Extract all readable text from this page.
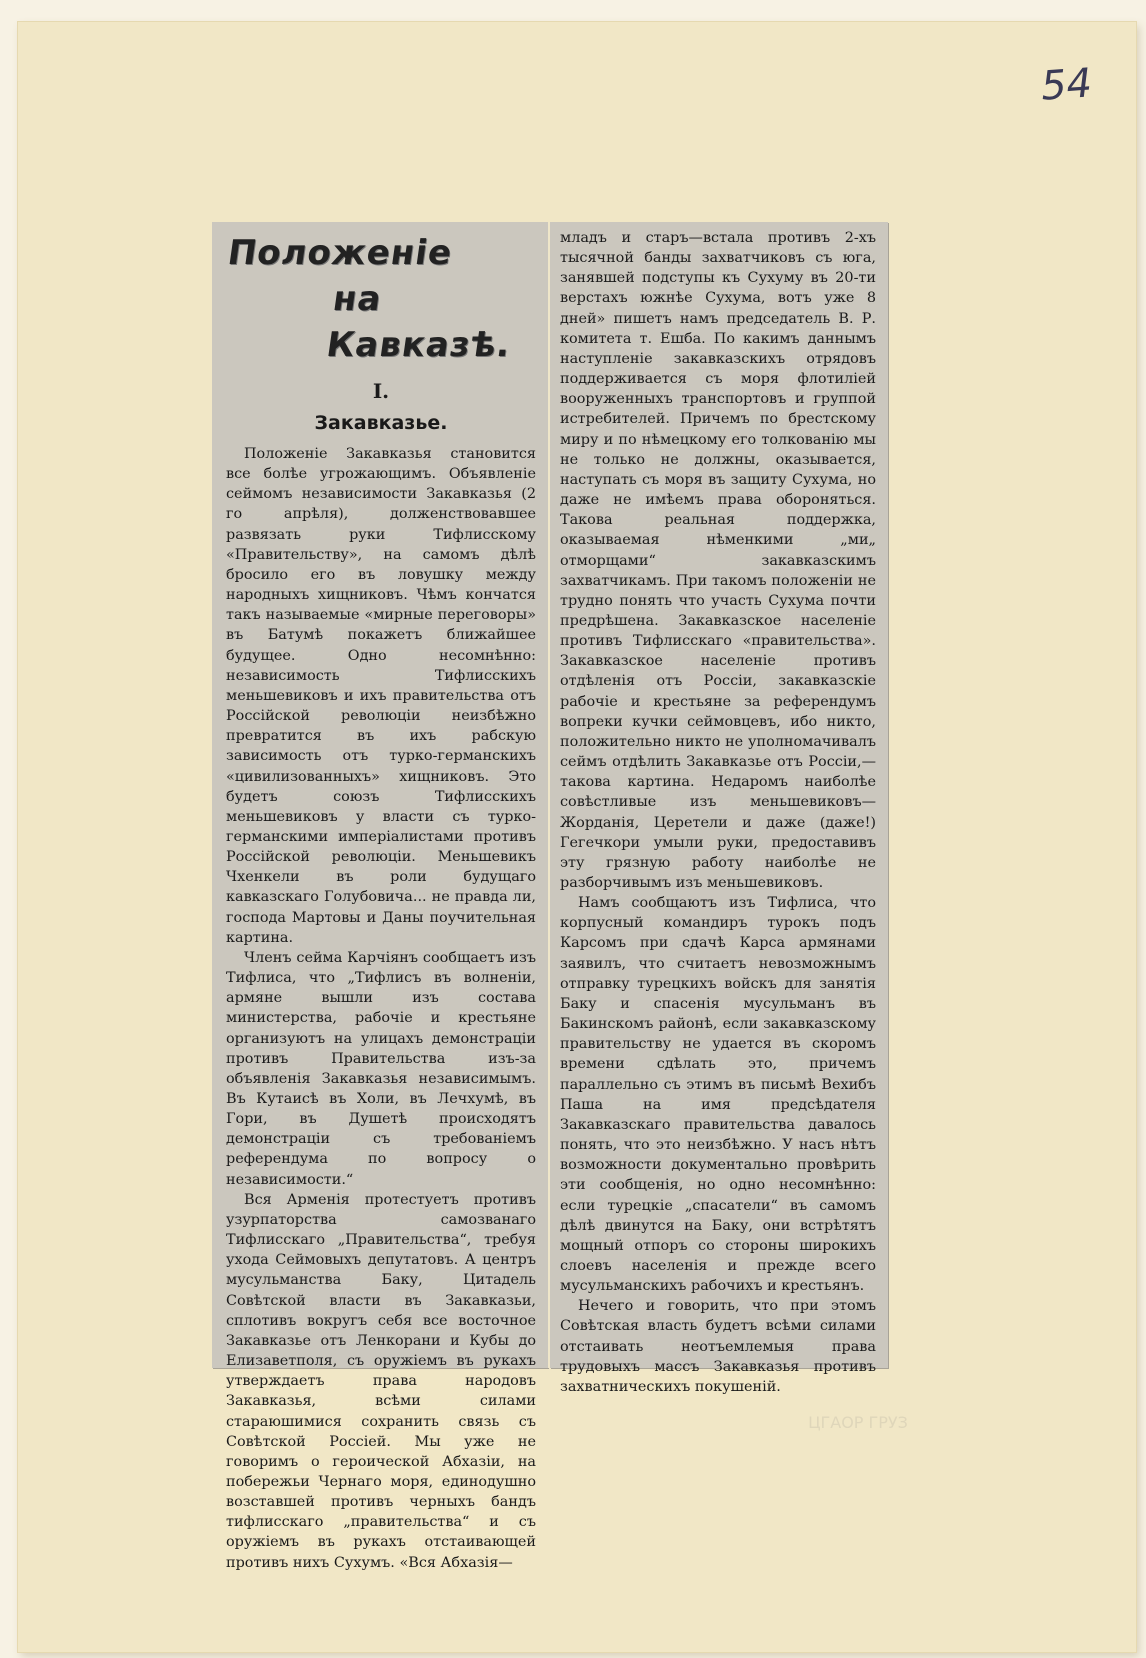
54
ЦГАОР ГРУЗ
Положеніе
на Кавказѣ.
I.
Закавказье.

Положеніе Закавказья становится все болѣе угрожающимъ. Объявленіе сеймомъ независимости Закавказья (2 го апрѣля), долженствовавшее развязать руки Тифлисскому «Правительству», на самомъ дѣлѣ бросило его въ ловушку между народныхъ хищниковъ. Чѣмъ кончатся такъ называемые «мирные переговоры» въ Батумѣ покажетъ ближайшее будущее. Одно несомнѣнно: независимость Тифлисскихъ меньшевиковъ и ихъ правительства отъ Россійской революціи неизбѣжно превратится въ ихъ рабскую зависимость отъ турко-германскихъ «цивилизованныхъ» хищниковъ. Это будетъ союзъ Тифлисскихъ меньшевиковъ у власти съ турко-германскими имперіалистами противъ Россійской революціи. Меньшевикъ Чхенкели въ роли будущаго кавказскаго Голубовича... не правда ли, господа Мартовы и Даны поучительная картина.

Членъ сейма Карчіянъ сообщаетъ изъ Тифлиса, что „Тифлисъ въ волненіи, армяне вышли изъ состава министерства, рабочіе и крестьяне организуютъ на улицахъ демонстраціи противъ Правительства изъ-за объявленія Закавказья независимымъ. Въ Кутаисѣ въ Холи, въ Лечхумѣ, въ Гори, въ Душетѣ происходятъ демонстраціи съ требованіемъ референдума по вопросу о независимости.“

Вся Арменія протестуетъ противъ узурпаторства самозванаго Тифлисскаго „Правительства“, требуя ухода Сеймовыхъ депутатовъ. А центръ мусульманства Баку, Цитадель Совѣтской власти въ Закавказьи, сплотивъ вокругъ себя все восточное Закавказье отъ Ленкорани и Кубы до Елизаветполя, съ оружіемъ въ рукахъ утверждаетъ права народовъ Закавказья, всѣми силами стараюшимися сохранить связь съ Совѣтской Россіей. Мы уже не говоримъ о героической Абхазіи, на побережьи Чернаго моря, единодушно возставшей противъ черныхъ бандъ тифлисскаго „правительства“ и съ оружіемъ въ рукахъ отстаивающей противъ нихъ Сухумъ. «Вся Абхазія—

младъ и старъ—встала противъ 2-хъ тысячной банды захватчиковъ съ юга, занявшей подступы къ Сухуму въ 20-ти верстахъ южнѣе Сухума, вотъ уже 8 дней» пишетъ намъ председатель В. Р. комитета т. Ешба. По какимъ даннымъ наступленіе закавказскихъ отрядовъ поддерживается съ моря флотиліей вооруженныхъ транспортовъ и группой истребителей. Причемъ по брестскому миру и по нѣмецкому его толкованію мы не только не должны, оказывается, наступать съ моря въ защиту Сухума, но даже не имѣемъ права обороняться. Такова реальная поддержка, оказываемая нѣменкими „ми„ отморщами“ закавказскимъ захватчикамъ. При такомъ положеніи не трудно понять что участь Сухума почти предрѣшена. Закавказское населеніе противъ Тифлисскаго «правительства». Закавказское населеніе противъ отдѣленія отъ Россіи, закавказскіе рабочіе и крестьяне за референдумъ вопреки кучки сеймовцевъ, ибо никто, положительно никто не уполномачивалъ сеймъ отдѣлить Закавказье отъ Россіи,—такова картина. Недаромъ наиболѣе совѣстливые изъ меньшевиковъ—Жорданія, Церетели и даже (даже!) Гегечкори умыли руки, предоставивъ эту грязную работу наиболѣе не разборчивымъ изъ меньшевиковъ.

Намъ сообщаютъ изъ Тифлиса, что корпусный командиръ турокъ подъ Карсомъ при сдачѣ Карса армянами заявилъ, что считаетъ невозможнымъ отправку турецкихъ войскъ для занятія Баку и спасенія мусульманъ въ Бакинскомъ районѣ, если закавказскому правительству не удается въ скоромъ времени сдѣлать это, причемъ параллельно съ этимъ въ письмѣ Вехибъ Паша на имя предсѣдателя Закавказскаго правительства давалось понять, что это неизбѣжно. У насъ нѣтъ возможности документально провѣрить эти сообщенія, но одно несомнѣнно: если турецкіе „спасатели“ въ самомъ дѣлѣ двинутся на Баку, они встрѣтятъ мощный отпоръ со стороны широкихъ слоевъ населенія и прежде всего мусульманскихъ рабочихъ и крестьянъ.

Нечего и говорить, что при этомъ Совѣтская власть будетъ всѣми силами отстаивать неотъемлемыя права трудовыхъ массъ Закавказья противъ захватническихъ покушеній.
